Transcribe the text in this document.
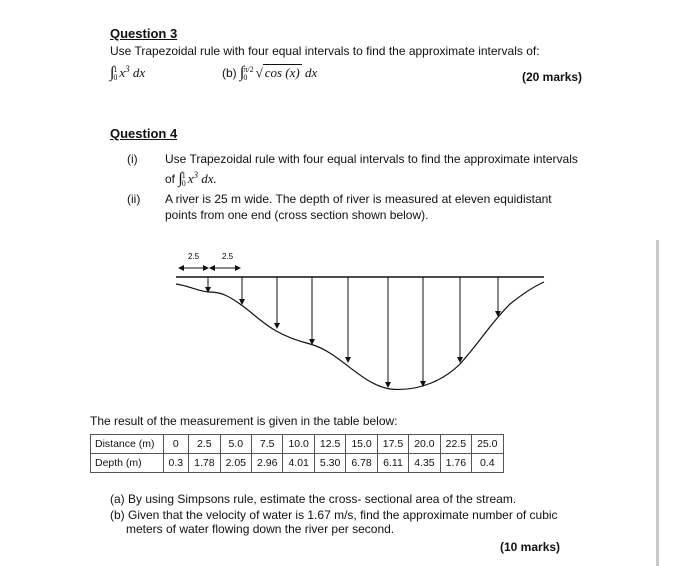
Question 3
Use Trapezoidal rule with four equal intervals to find the approximate intervals of:
∫ 1
0 $x^3$ dx	(b) ∫ π/2
0 √ cos (x) dx	(20 marks)
Question 4
(i) Use Trapezoidal rule with four equal intervals to find the approximate intervals
of ∫ 1
0 $x^3$ dx.
(ii) A river is 25 m wide. The depth of river is measured at eleven equidistant
points from one end (cross section shown below).
2.5	2.5
The result of the measurement is given in the table below:
Distance (m)	0	2.5	5.0	7.5	10.0	12.5	15.0	17.5	20.0	22.5	25.0
Depth (m)	0.3	1.78	2.05	2.96	4.01	5.30	6.78	6.11	4.35	1.76	0.4
(a) By using Simpsons rule, estimate the cross- sectional area of the stream.
(b) Given that the velocity of water is 1.67 m/s, find the approximate number of cubic
meters of water flowing down the river per second.
(10 marks)
